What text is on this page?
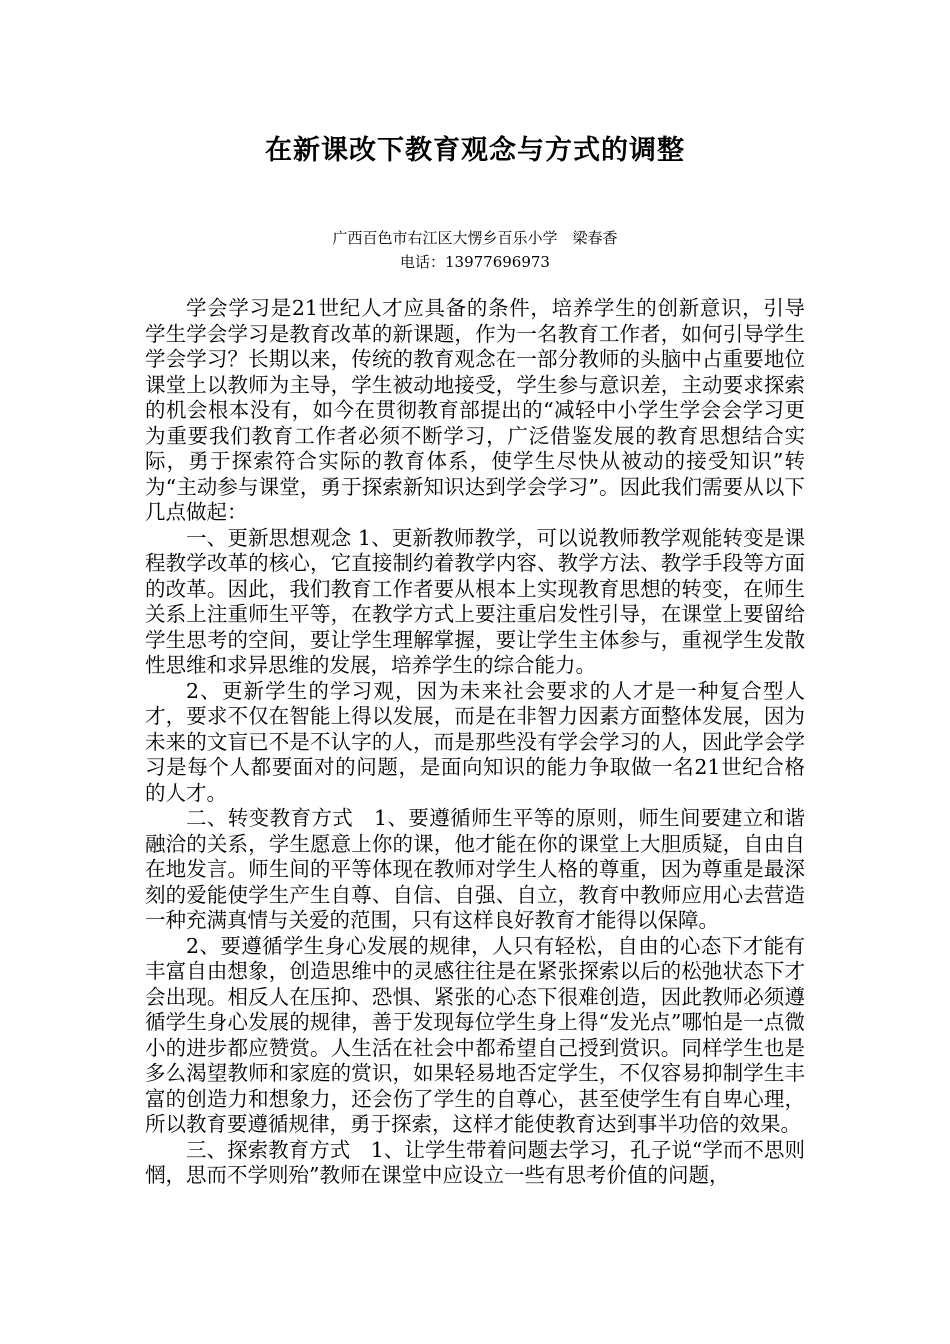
在新课改下教育观念与方式的调整
广西百色市右江区大愣乡百乐小学　梁春香
电话：13977696973

学会学习是21世纪人才应具备的条件，培养学生的创新意识，引导学生学会学习是教育改革的新课题，作为一名教育工作者，如何引导学生学会学习？长期以来，传统的教育观念在一部分教师的头脑中占重要地位课堂上以教师为主导，学生被动地接受，学生参与意识差，主动要求探索的机会根本没有，如今在贯彻教育部提出的“减轻中小学生学会会学习更为重要我们教育工作者必须不断学习，广泛借鉴发展的教育思想结合实际，勇于探索符合实际的教育体系，使学生尽快从被动的接受知识”转为“主动参与课堂，勇于探索新知识达到学会学习”。因此我们需要从以下几点做起：

一、更新思想观念 1、更新教师教学，可以说教师教学观能转变是课程教学改革的核心，它直接制约着教学内容、教学方法、教学手段等方面的改革。因此，我们教育工作者要从根本上实现教育思想的转变，在师生关系上注重师生平等，在教学方式上要注重启发性引导，在课堂上要留给学生思考的空间，要让学生理解掌握，要让学生主体参与，重视学生发散性思维和求异思维的发展，培养学生的综合能力。

2、更新学生的学习观，因为未来社会要求的人才是一种复合型人才，要求不仅在智能上得以发展，而是在非智力因素方面整体发展，因为未来的文盲已不是不认字的人，而是那些没有学会学习的人，因此学会学习是每个人都要面对的问题，是面向知识的能力争取做一名21世纪合格的人才。

二、转变教育方式　1、要遵循师生平等的原则，师生间要建立和谐融洽的关系，学生愿意上你的课，他才能在你的课堂上大胆质疑，自由自在地发言。师生间的平等体现在教师对学生人格的尊重，因为尊重是最深刻的爱能使学生产生自尊、自信、自强、自立，教育中教师应用心去营造一种充满真情与关爱的范围，只有这样良好教育才能得以保障。

2、要遵循学生身心发展的规律，人只有轻松，自由的心态下才能有丰富自由想象，创造思维中的灵感往往是在紧张探索以后的松弛状态下才会出现。相反人在压抑、恐惧、紧张的心态下很难创造，因此教师必须遵循学生身心发展的规律，善于发现每位学生身上得“发光点”哪怕是一点微小的进步都应赞赏。人生活在社会中都希望自己授到赏识。同样学生也是多么渴望教师和家庭的赏识，如果轻易地否定学生，不仅容易抑制学生丰富的创造力和想象力，还会伤了学生的自尊心，甚至使学生有自卑心理，所以教育要遵循规律，勇于探索，这样才能使教育达到事半功倍的效果。

三、探索教育方式　1、让学生带着问题去学习，孔子说“学而不思则惘，思而不学则殆”教师在课堂中应设立一些有思考价值的问题，
